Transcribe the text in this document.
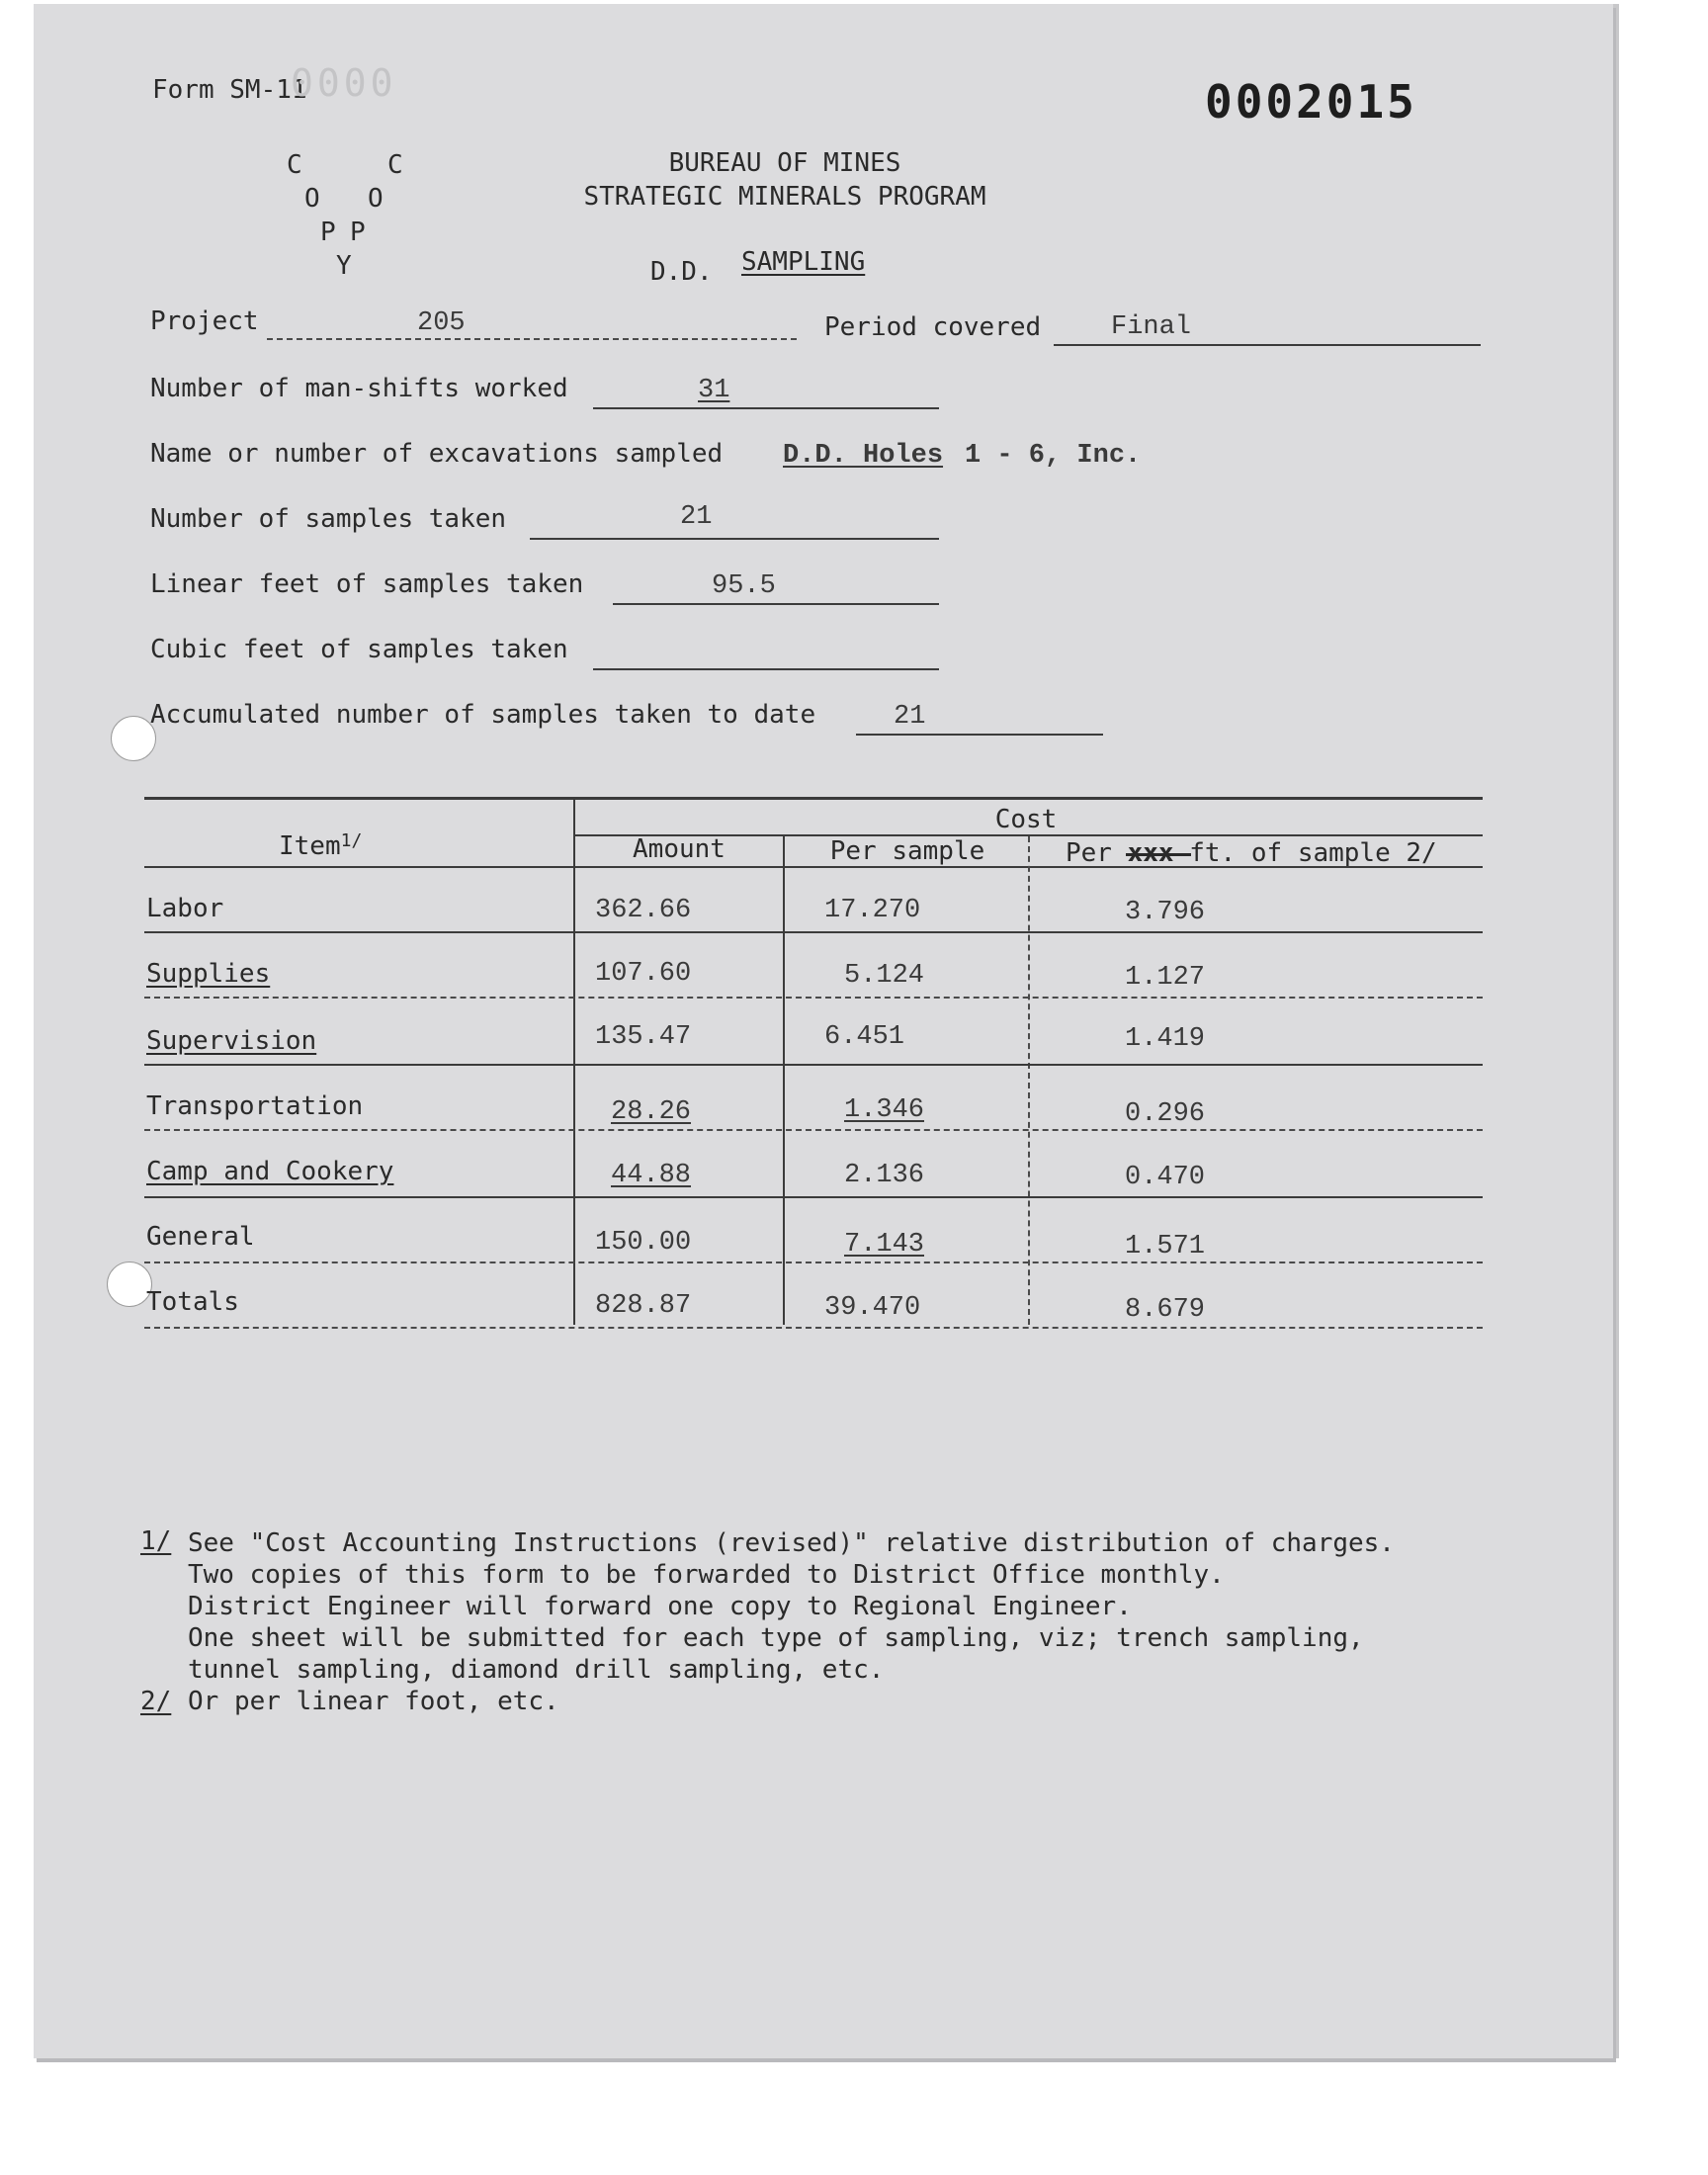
Form SM-11
0000	0002015
C	C
O O
P P
Y
BUREAU OF MINES
STRATEGIC MINERALS PROGRAM
D.D. SAMPLING
Project	205	Period covered	Final
Number of man-shifts worked	31
Name or number of excavations sampled D.D. Holes 1 - 6, Inc.
Number of samples taken	21
Linear feet of samples taken	95.5
Cubic feet of samples taken
Accumulated number of samples taken to date	21
Cost
Item$^{1/}$	Amount	Per sample	Per xxx ft. of sample 2/
Labor	362.66	17.270	3.796
Supplies	107.60	5.124	1.127
Supervision	135.47	6.451	1.419
Transportation	28.26	1.346	0.296
Camp and Cookery	44.88	2.136	0.470
General	150.00	7.143	1.571
Totals	828.87	39.470	8.679
1/ See "Cost Accounting Instructions (revised)" relative distribution of charges.
Two copies of this form to be forwarded to District Office monthly.
District Engineer will forward one copy to Regional Engineer.
One sheet will be submitted for each type of sampling, viz; trench sampling,
tunnel sampling, diamond drill sampling, etc.
2/ Or per linear foot, etc.
